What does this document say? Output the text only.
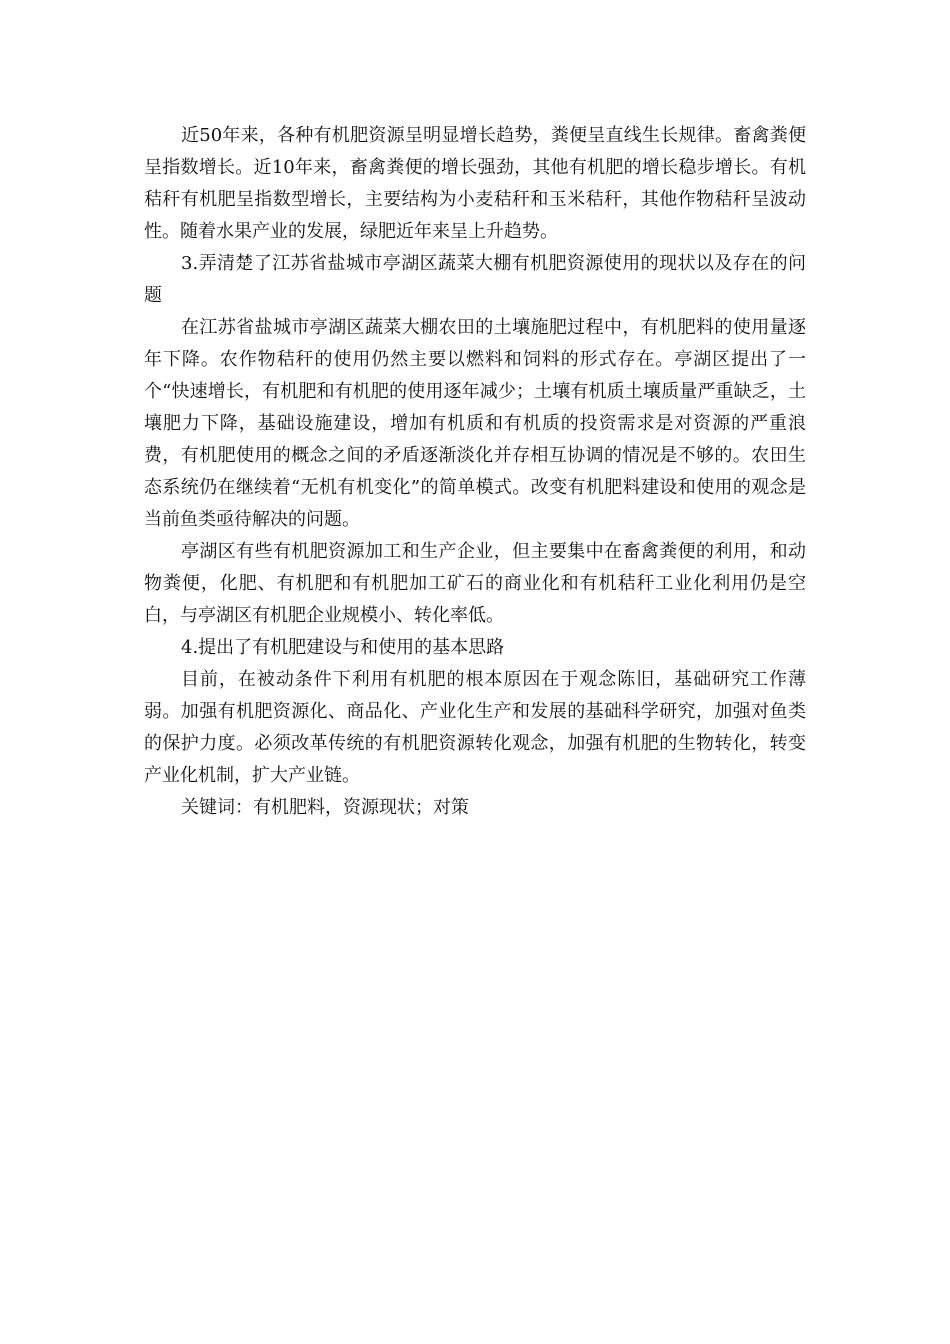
近50年来，各种有机肥资源呈明显增长趋势，粪便呈直线生长规律。畜禽粪便呈指数增长。近10年来，畜禽粪便的增长强劲，其他有机肥的增长稳步增长。有机秸秆有机肥呈指数型增长，主要结构为小麦秸秆和玉米秸秆，其他作物秸秆呈波动性。随着水果产业的发展，绿肥近年来呈上升趋势。

3.弄清楚了江苏省盐城市亭湖区蔬菜大棚有机肥资源使用的现状以及存在的问题

在江苏省盐城市亭湖区蔬菜大棚农田的土壤施肥过程中，有机肥料的使用量逐年下降。农作物秸秆的使用仍然主要以燃料和饲料的形式存在。亭湖区提出了一个“快速增长，有机肥和有机肥的使用逐年减少；土壤有机质土壤质量严重缺乏，土壤肥力下降，基础设施建设，增加有机质和有机质的投资需求是对资源的严重浪费，有机肥使用的概念之间的矛盾逐渐淡化并存相互协调的情况是不够的。农田生态系统仍在继续着“无机有机变化”的简单模式。改变有机肥料建设和使用的观念是当前鱼类亟待解决的问题。

亭湖区有些有机肥资源加工和生产企业，但主要集中在畜禽粪便的利用，和动物粪便，化肥、有机肥和有机肥加工矿石的商业化和有机秸秆工业化利用仍是空白，与亭湖区有机肥企业规模小、转化率低。

4.提出了有机肥建设与和使用的基本思路

目前，在被动条件下利用有机肥的根本原因在于观念陈旧，基础研究工作薄弱。加强有机肥资源化、商品化、产业化生产和发展的基础科学研究，加强对鱼类的保护力度。必须改革传统的有机肥资源转化观念，加强有机肥的生物转化，转变产业化机制，扩大产业链。

关键词：有机肥料，资源现状；对策
